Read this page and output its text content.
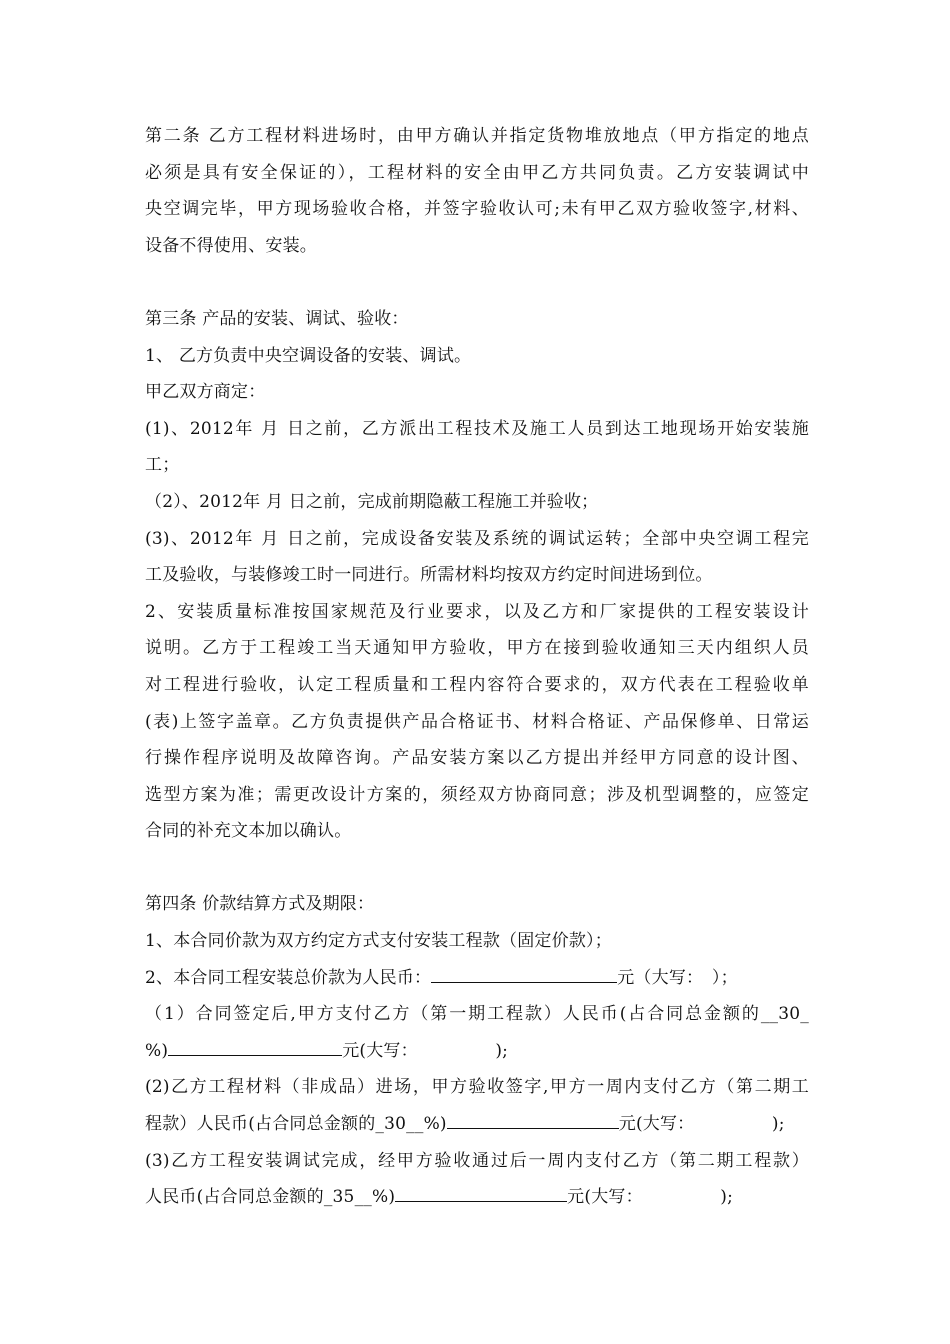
第二条 乙方工程材料进场时，由甲方确认并指定货物堆放地点（甲方指定的地点
必须是具有安全保证的），工程材料的安全由甲乙方共同负责。乙方安装调试中
央空调完毕，甲方现场验收合格，并签字验收认可;未有甲乙双方验收签字,材料、
设备不得使用、安装。
第三条 产品的安装、调试、验收：
1、 乙方负责中央空调设备的安装、调试。
甲乙双方商定：
(1)、2012年 月 日之前，乙方派出工程技术及施工人员到达工地现场开始安装施
工；
（2）、2012年 月 日之前，完成前期隐蔽工程施工并验收；
(3)、2012年 月 日之前，完成设备安装及系统的调试运转；全部中央空调工程完
工及验收，与装修竣工时一同进行。所需材料均按双方约定时间进场到位。
2、安装质量标准按国家规范及行业要求，以及乙方和厂家提供的工程安装设计
说明。乙方于工程竣工当天通知甲方验收，甲方在接到验收通知三天内组织人员
对工程进行验收，认定工程质量和工程内容符合要求的，双方代表在工程验收单
(表)上签字盖章。乙方负责提供产品合格证书、材料合格证、产品保修单、日常运
行操作程序说明及故障咨询。产品安装方案以乙方提出并经甲方同意的设计图、
选型方案为准；需更改设计方案的，须经双方协商同意；涉及机型调整的，应签定
合同的补充文本加以确认。
第四条 价款结算方式及期限：
1、本合同价款为双方约定方式支付安装工程款（固定价款）；
2、本合同工程安装总价款为人民币：	元（大写：　）；
（1）合同签定后,甲方支付乙方（第一期工程款）人民币(占合同总金额的__30_
%)	元(大写：　　　　　);
(2)乙方工程材料（非成品）进场，甲方验收签字,甲方一周内支付乙方（第二期工
程款）人民币(占合同总金额的_30__%)	元(大写：　　　　　);
(3)乙方工程安装调试完成，经甲方验收通过后一周内支付乙方（第二期工程款）
人民币(占合同总金额的_35__%)	元(大写：　　　　　);
